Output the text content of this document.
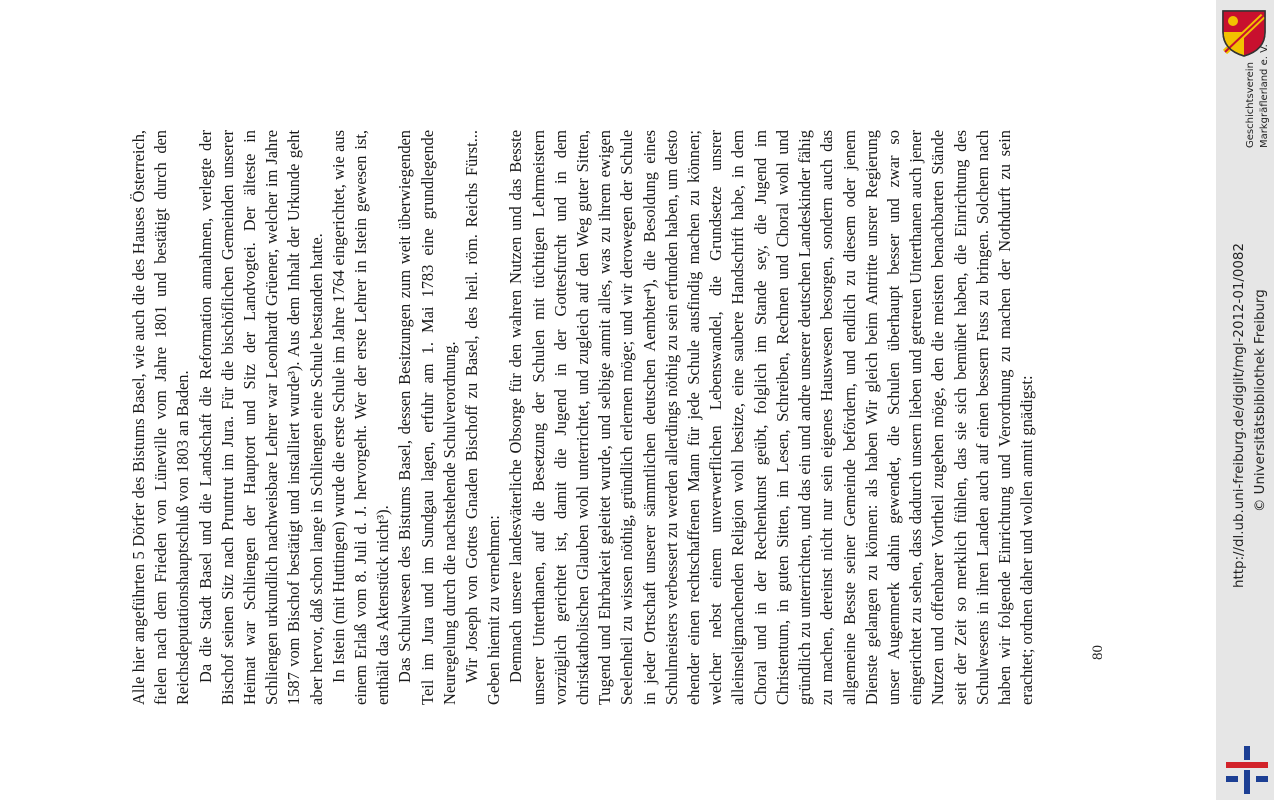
Alle hier angeführten 5 Dörfer des Bistums Basel, wie auch die des Hauses Österreich, fielen nach dem Frieden von Lüneville vom Jahre 1801 und bestätigt durch den Reichsdeputationshauptschluß von 1803 an Baden. Da die Stadt Basel und die Landschaft die Reformation annahmen, verlegte der Bischof seinen Sitz nach Pruntrut im Jura. Für die bischöflichen Gemeinden unserer Heimat war Schliengen der Hauptort und Sitz der Landvogtei. Der älteste in Schliengen urkundlich nachweisbare Lehrer war Leonhardt Grüener, welcher im Jahre 1587 vom Bischof bestätigt und installiert wurde³). Aus dem Inhalt der Urkunde geht aber hervor, daß schon lange in Schliengen eine Schule bestanden hatte. In Istein (mit Huttingen) wurde die erste Schule im Jahre 1764 eingerichtet, wie aus einem Erlaß vom 8. Juli d. J. hervorgeht. Wer der erste Lehrer in Istein gewesen ist, enthält das Aktenstück nicht³). Das Schulwesen des Bistums Basel, dessen Besitzungen zum weit überwiegenden Teil im Jura und im Sundgau lagen, erfuhr am 1. Mai 1783 eine grundlegende Neuregelung durch die nachstehende Schulverordnung. Wir Joseph von Gottes Gnaden Bischoff zu Basel, des heil. röm. Reichs Fürst... Geben hiemit zu vernehmen: Demnach unsere landesväterliche Obsorge für den wahren Nutzen und das Besste unserer Unterthanen, auf die Besetzung der Schulen mit tüchtigen Lehrmeistern vorzüglich gerichtet ist, damit die Jugend in der Gottesfurcht und in dem christkatholischen Glauben wohl unterrichtet, und zugleich auf den Weg guter Sitten, Tugend und Ehrbarkeit geleitet wurde, und selbige anmit alles, was zu ihrem ewigen Seelenheil zu wissen nöthig, gründlich erlernen möge; und wir derowegen der Schule in jeder Ortschaft unserer sämmtlichen deutschen Aembter⁴), die Besoldung eines Schulmeisters verbessert zu werden allerdings nöthig zu sein erfunden haben, um desto ehender einen rechtschaffenen Mann für jede Schule ausfindig machen zu können; welcher nebst einem unverwerflichen Lebenswandel, die Grundsetze unsrer alleinseligmachenden Religion wohl besitze, eine saubere Handschrift habe, in dem Choral und in der Rechenkunst geübt, folglich im Stande sey, die Jugend im Christentum, in guten Sitten, im Lesen, Schreiben, Rechnen und Choral wohl und gründlich zu unterrichten, und das ein und andre unserer deutschen Landeskinder fähig zu machen, dereinst nicht nur sein eigenes Hauswesen besorgen, sondern auch das allgemeine Besste seiner Gemeinde befördern, und endlich zu diesem oder jenem Dienste gelangen zu können: als haben Wir gleich beim Antritte unsrer Regierung unser Augenmerk dahin gewendet, die Schulen überhaupt besser und zwar so eingerichtet zu sehen, dass dadurch unsern lieben und getreuen Unterthanen auch jener Nutzen und offenbarer Vortheil zugehen möge, den die meisten benachbarten Stände seit der Zeit so merklich fühlen, das sie sich bemühet haben, die Einrichtung des Schulwesens in ihren Landen auch auf einen bessern Fuss zu bringen. Solchem nach haben wir folgende Einrichtung und Verordnung zu machen der Nothdurft zu sein erachtet; ordnen daher und wollen anmit gnädigst:	80
http://dl.ub.uni-freiburg.de/diglit/mgl-2012-01/0082 © Universitätsbibliothek Freiburg
Geschichtsverein Markgräflerland e. V.
